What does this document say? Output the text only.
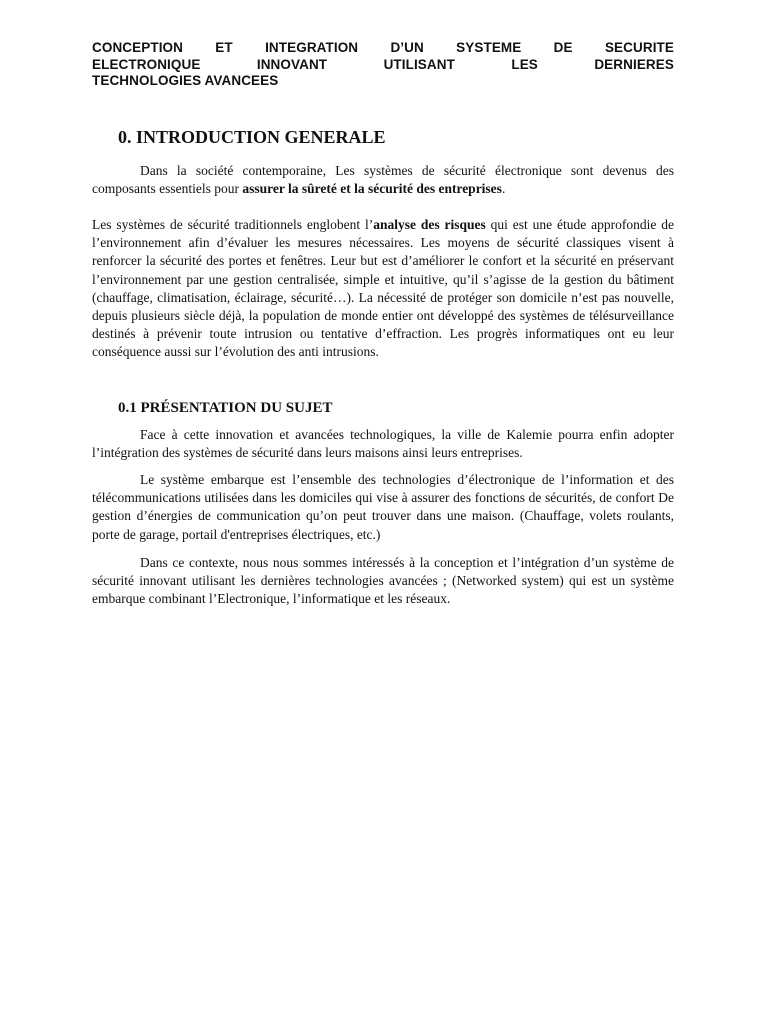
CONCEPTION ET INTEGRATION D’UN SYSTEME DE SECURITE
ELECTRONIQUE INNOVANT UTILISANT LES DERNIERES
TECHNOLOGIES AVANCEES
0. INTRODUCTION GENERALE

Dans la société contemporaine, Les systèmes de sécurité électronique sont devenus des composants essentiels pour assurer la sûreté et la sécurité des entreprises.

Les systèmes de sécurité traditionnels englobent l’analyse des risques qui est une étude approfondie de l’environnement afin d’évaluer les mesures nécessaires. Les moyens de sécurité classiques visent à renforcer la sécurité des portes et fenêtres. Leur but est d’améliorer le confort et la sécurité en préservant l’environnement par une gestion centralisée, simple et intuitive, qu’il s’agisse de la gestion du bâtiment (chauffage, climatisation, éclairage, sécurité…). La nécessité de protéger son domicile n’est pas nouvelle, depuis plusieurs siècle déjà, la population de monde entier ont développé des systèmes de télésurveillance destinés à prévenir toute intrusion ou tentative d’effraction. Les progrès informatiques ont eu leur conséquence aussi sur l’évolution des anti intrusions.

0.1 PRÉSENTATION DU SUJET

Face à cette innovation et avancées technologiques, la ville de Kalemie pourra enfin adopter l’intégration des systèmes de sécurité dans leurs maisons ainsi leurs entreprises.

Le système embarque est l’ensemble des technologies d’électronique de l’information et des télécommunications utilisées dans les domiciles qui vise à assurer des fonctions de sécurités, de confort De gestion d’énergies de communication qu’on peut trouver dans une maison. (Chauffage, volets roulants, porte de garage, portail d'entreprises électriques, etc.)

Dans ce contexte, nous nous sommes intéressés à la conception et l’intégration d’un système de sécurité innovant utilisant les dernières technologies avancées ; (Networked system) qui est un système embarque combinant l’Electronique, l’informatique et les réseaux.
